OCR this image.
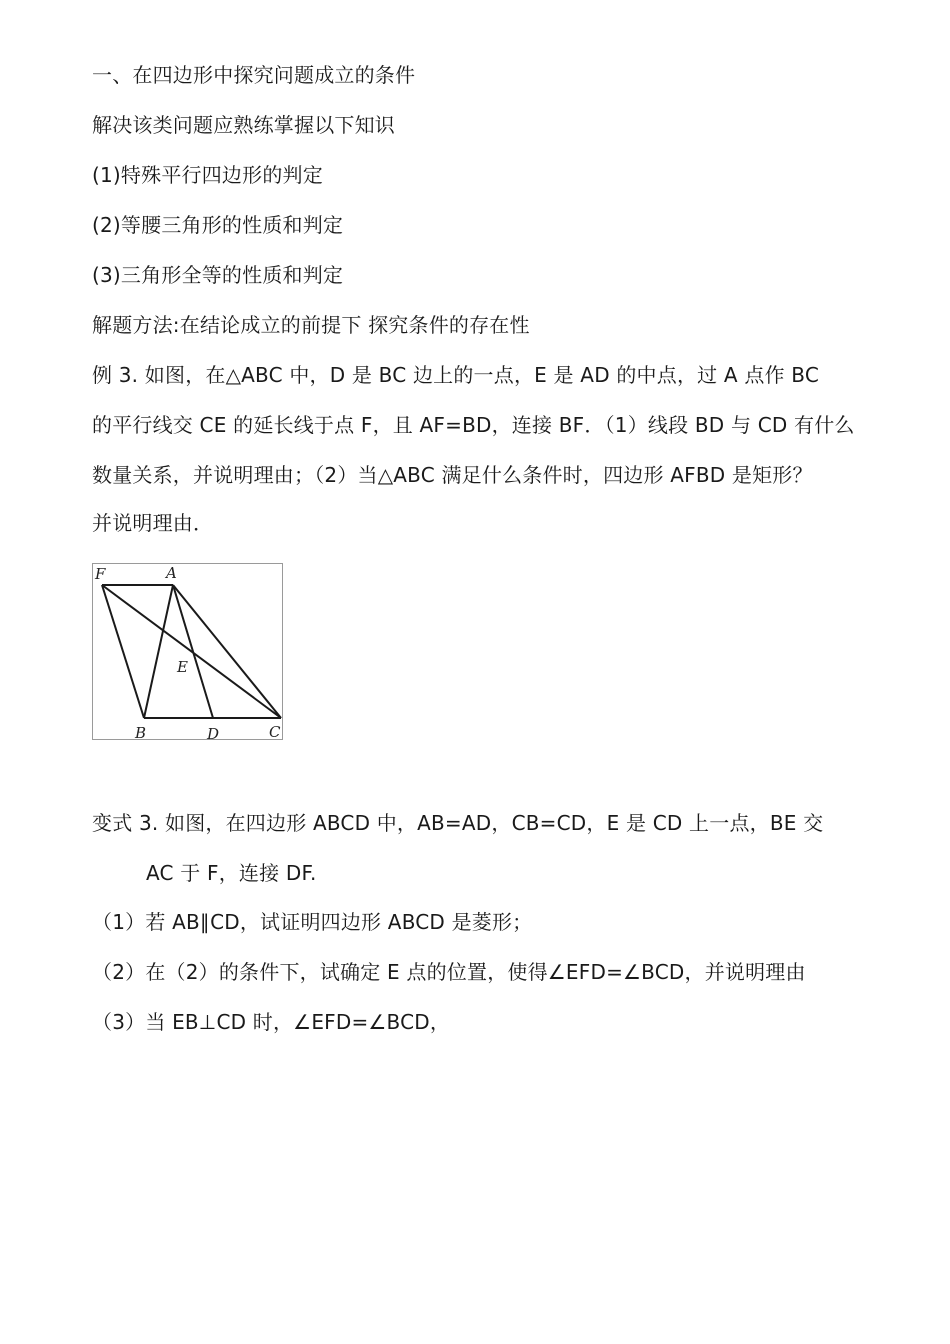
一、在四边形中探究问题成立的条件
解决该类问题应熟练掌握以下知识
(1)特殊平行四边形的判定
(2)等腰三角形的性质和判定
(3)三角形全等的性质和判定
解题方法:在结论成立的前提下 探究条件的存在性
例 3. 如图，在△ABC 中，D 是 BC 边上的一点，E 是 AD 的中点，过 A 点作 BC
的平行线交 CE 的延长线于点 F，且 AF=BD，连接 BF．（1）线段 BD 与 CD 有什么
数量关系，并说明理由；（2）当△ABC 满足什么条件时，四边形 AFBD 是矩形？
并说明理由．
F	A
E
B	D	C
变式 3. 如图，在四边形 ABCD 中，AB=AD，CB=CD，E 是 CD 上一点，BE 交
AC 于 F，连接 DF.
（1）若 AB∥CD，试证明四边形 ABCD 是菱形；
（2）在（2）的条件下，试确定 E 点的位置，使得∠EFD=∠BCD，并说明理由
（3）当 EB⊥CD 时，∠EFD=∠BCD，
